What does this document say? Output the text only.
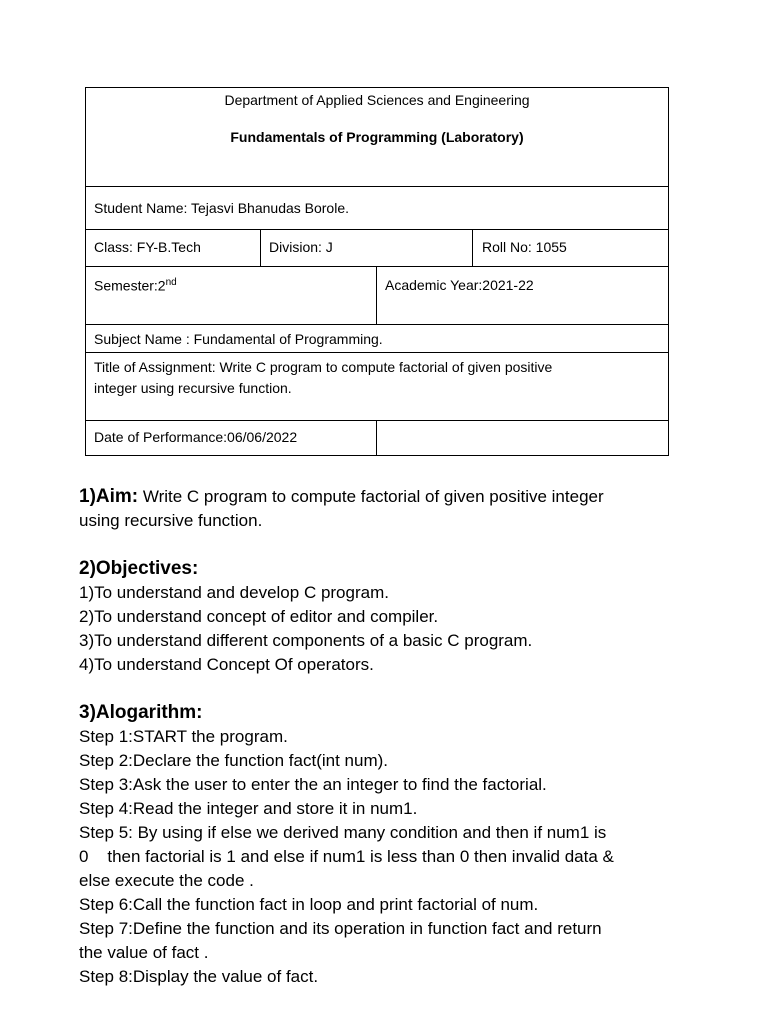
Department of Applied Sciences and Engineering
Fundamentals of Programming (Laboratory)
Student Name: Tejasvi Bhanudas Borole.
Class: FY-B.Tech	Division: J	Roll No: 1055
Semester:2nd	Academic Year:2021-22
Subject Name : Fundamental of Programming.
Title of Assignment: Write C program to compute factorial of given positive
integer using recursive function.
Date of Performance:06/06/2022
1)Aim: Write C program to compute factorial of given positive integer
using recursive function.
2)Objectives:
1)To understand and develop C program.
2)To understand concept of editor and compiler.
3)To understand different components of a basic C program.
4)To understand Concept Of operators.
3)Alogarithm:
Step 1:START the program.
Step 2:Declare the function fact(int num).
Step 3:Ask the user to enter the an integer to find the factorial.
Step 4:Read the integer and store it in num1.
Step 5: By using if else we derived many condition and then if num1 is
0    then factorial is 1 and else if num1 is less than 0 then invalid data &
else execute the code .
Step 6:Call the function fact in loop and print factorial of num.
Step 7:Define the function and its operation in function fact and return
the value of fact .
Step 8:Display the value of fact.
